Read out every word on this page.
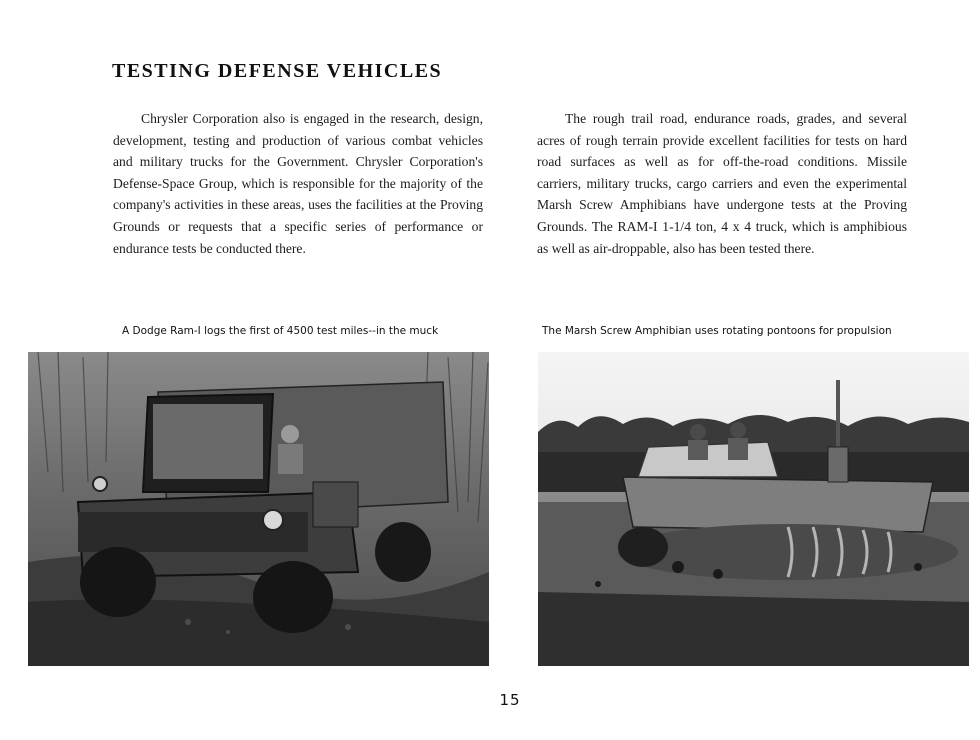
TESTING DEFENSE VEHICLES

Chrysler Corporation also is engaged in the research, design, development, testing and production of various combat vehicles and military trucks for the Government. Chrysler Corporation's Defense-Space Group, which is responsible for the majority of the company's activities in these areas, uses the facilities at the Proving Grounds or requests that a specific series of performance or endurance tests be conducted there.

The rough trail road, endurance roads, grades, and several acres of rough terrain provide excellent facilities for tests on hard road surfaces as well as for off-the-road conditions. Missile carriers, military trucks, cargo carriers and even the experimental Marsh Screw Amphibians have undergone tests at the Proving Grounds. The RAM-I 1-1/4 ton, 4 x 4 truck, which is amphibious as well as air-droppable, also has been tested there.

A Dodge Ram-I logs the first of 4500 test miles--in the muck	The Marsh Screw Amphibian uses rotating pontoons for propulsion
15
